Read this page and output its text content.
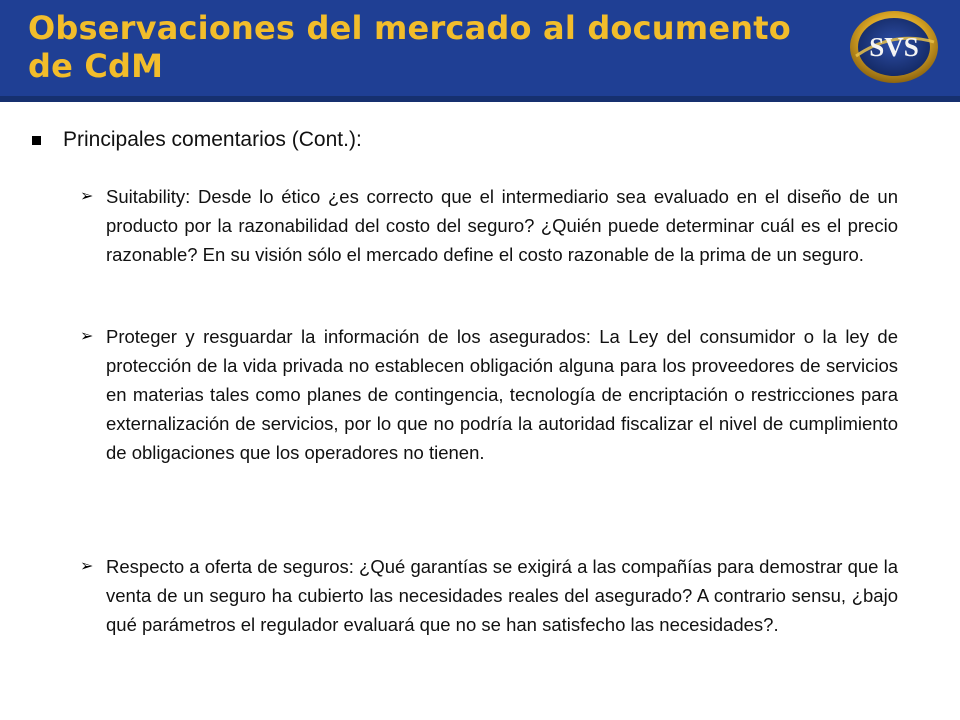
Observaciones del mercado al documento de CdM	SVS
Principales comentarios (Cont.):
➢ Suitability: Desde lo ético ¿es correcto que el intermediario sea evaluado en el diseño de un producto por la razonabilidad del costo del seguro? ¿Quién puede determinar cuál es el precio razonable? En su visión sólo el mercado define el costo razonable de la prima de un seguro.
➢ Proteger y resguardar la información de los asegurados: La Ley del consumidor o la ley de protección de la vida privada no establecen obligación alguna para los proveedores de servicios en materias tales como planes de contingencia, tecnología de encriptación o restricciones para externalización de servicios, por lo que no podría la autoridad fiscalizar el nivel de cumplimiento de obligaciones que los operadores no tienen.
➢ Respecto a oferta de seguros: ¿Qué garantías se exigirá a las compañías para demostrar que la venta de un seguro ha cubierto las necesidades reales del asegurado? A contrario sensu, ¿bajo qué parámetros el regulador evaluará que no se han satisfecho las necesidades?.
